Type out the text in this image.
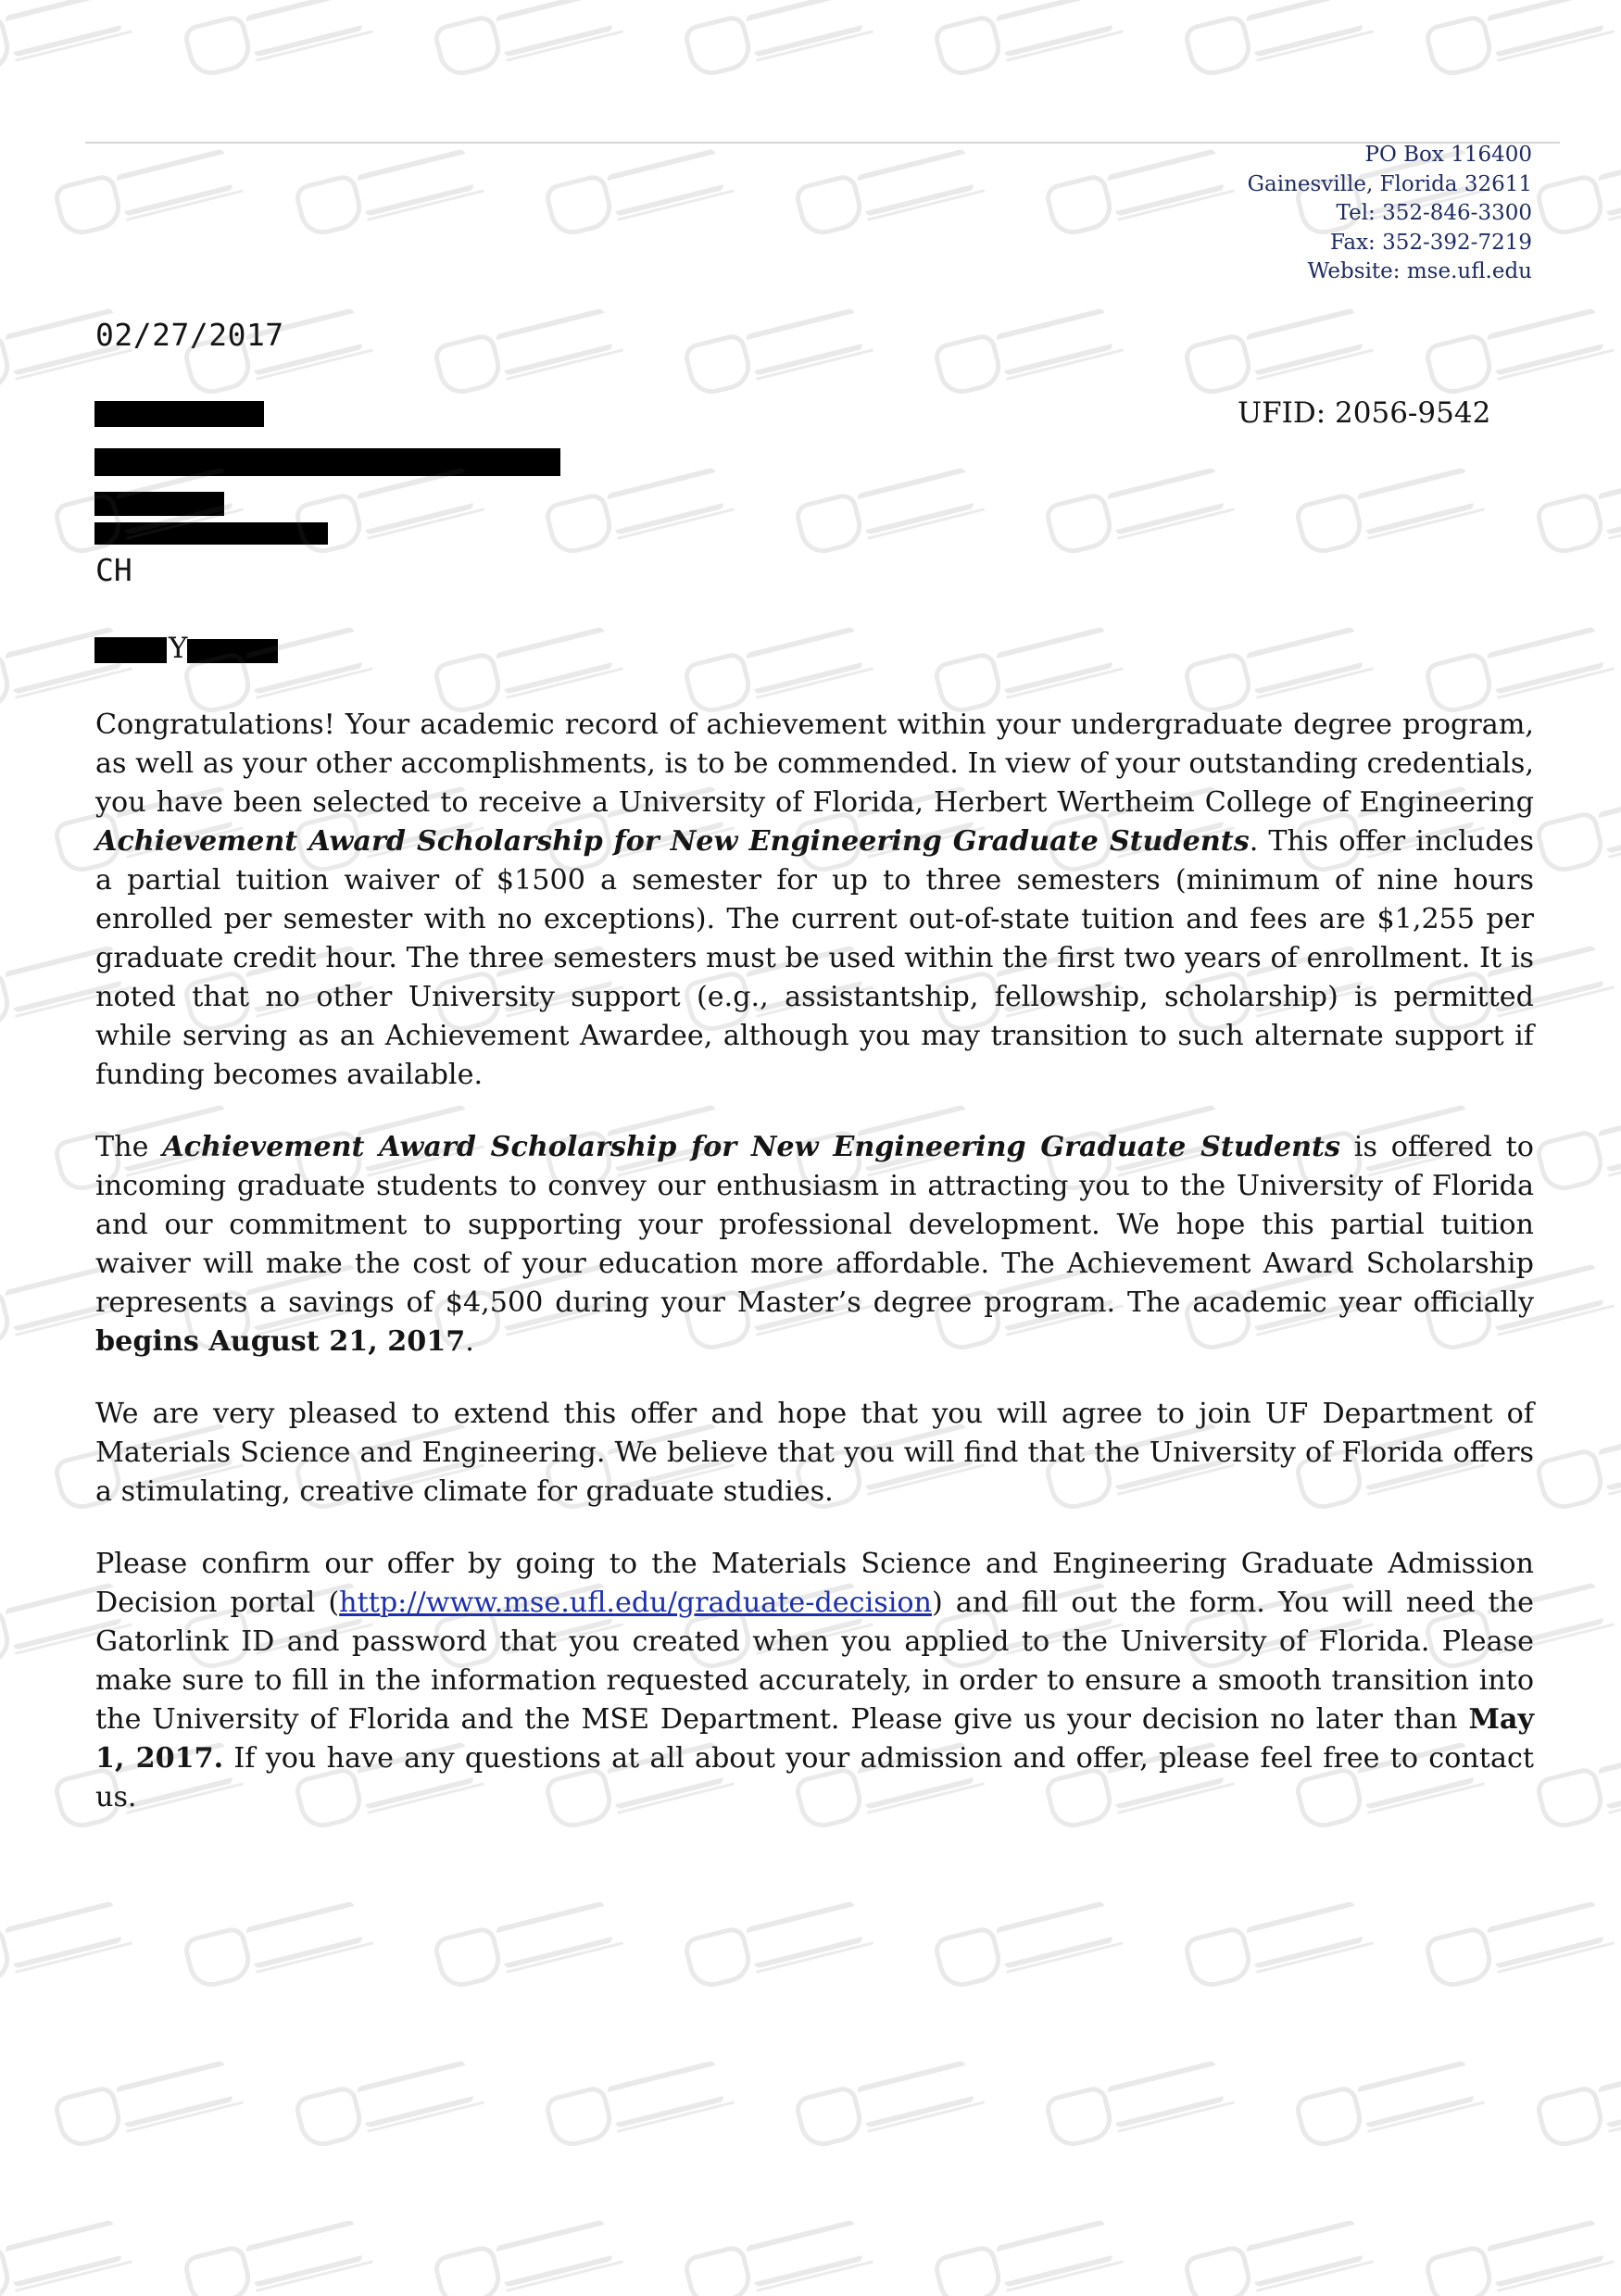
PO Box 116400
Gainesville, Florida 32611
Tel: 352-846-3300
Fax: 352-392-7219
Website: mse.ufl.edu
02/27/2017
UFID: 2056-9542
CH
Y

Congratulations! Your academic record of achievement within your undergraduate degree program, as well as your other accomplishments, is to be commended. In view of your outstanding credentials, you have been selected to receive a University of Florida, Herbert Wertheim College of Engineering Achievement Award Scholarship for New Engineering Graduate Students. This offer includes a partial tuition waiver of $1500 a semester for up to three semesters (minimum of nine hours enrolled per semester with no exceptions). The current out-of-state tuition and fees are $1,255 per graduate credit hour. The three semesters must be used within the first two years of enrollment. It is noted that no other University support (e.g., assistantship, fellowship, scholarship) is permitted while serving as an Achievement Awardee, although you may transition to such alternate support if funding becomes available.

The Achievement Award Scholarship for New Engineering Graduate Students is offered to incoming graduate students to convey our enthusiasm in attracting you to the University of Florida and our commitment to supporting your professional development. We hope this partial tuition waiver will make the cost of your education more affordable. The Achievement Award Scholarship represents a savings of $4,500 during your Master’s degree program. The academic year officially begins August 21, 2017.

We are very pleased to extend this offer and hope that you will agree to join UF Department of Materials Science and Engineering. We believe that you will find that the University of Florida offers a stimulating, creative climate for graduate studies.

Please confirm our offer by going to the Materials Science and Engineering Graduate Admission Decision portal (http://www.mse.ufl.edu/graduate-decision) and fill out the form. You will need the Gatorlink ID and password that you created when you applied to the University of Florida. Please make sure to fill in the information requested accurately, in order to ensure a smooth transition into the University of Florida and the MSE Department. Please give us your decision no later than May 1, 2017. If you have any questions at all about your admission and offer, please feel free to contact us.
